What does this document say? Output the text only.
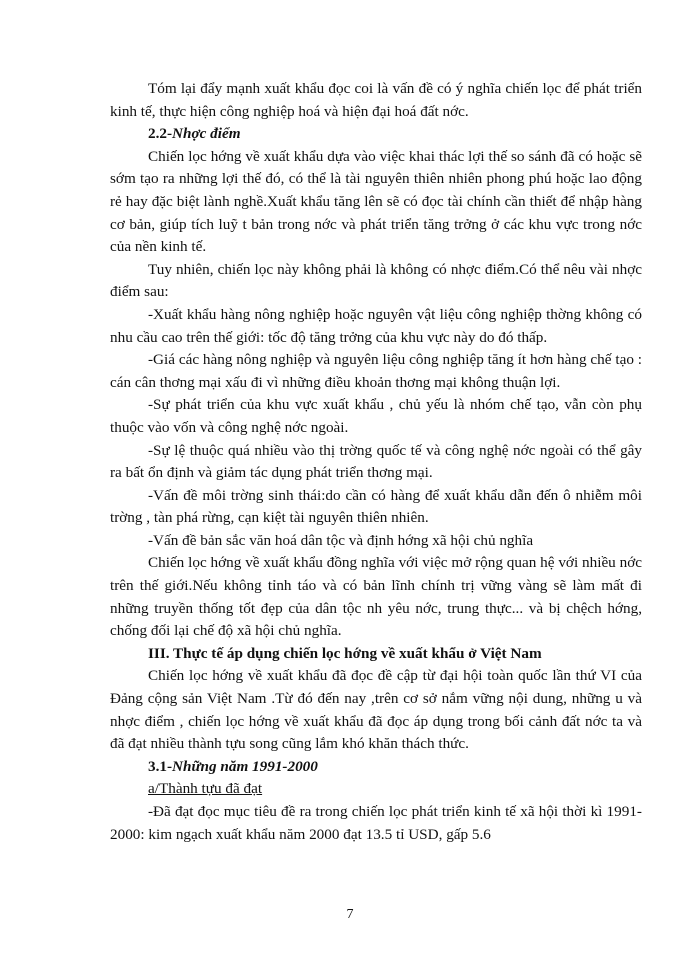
Tóm lại đẩy mạnh xuất khẩu đọc coi là vấn đề có ý nghĩa chiến lọc để phát triển kinh tế, thực hiện công nghiệp hoá và hiện đại hoá đất nớc.

2.2-Nhợc điểm

Chiến lọc hớng về xuất khẩu dựa vào việc khai thác lợi thế so sánh đã có hoặc sẽ sớm tạo ra những lợi thế đó, có thể là tài nguyên thiên nhiên phong phú hoặc lao động rẻ hay đặc biệt lành nghề.Xuất khẩu tăng lên sẽ có đọc tài chính cần thiết để nhập hàng cơ bản, giúp tích luỹ t bản trong nớc và phát triển tăng trởng ở các khu vực trong nớc của nền kinh tế.

Tuy nhiên, chiến lọc này không phải là không có nhợc điểm.Có thể nêu vài nhợc điểm sau:

-Xuất khẩu hàng nông nghiệp hoặc nguyên vật liệu công nghiệp thờng không có nhu cầu cao trên thế giới: tốc độ tăng trởng của khu vực này do đó thấp.

-Giá các hàng nông nghiệp và nguyên liệu công nghiệp tăng ít hơn hàng chế tạo : cán cân thơng mại xấu đi vì những điều khoản thơng mại không thuận lợi.

-Sự phát triển của khu vực xuất khẩu , chủ yếu là nhóm chế tạo, vẫn còn phụ thuộc vào vốn và công nghệ nớc ngoài.

-Sự lệ thuộc quá nhiều vào thị trờng quốc tế và công nghệ nớc ngoài có thể gây ra bất ổn định và giảm tác dụng phát triển thơng mại.

-Vấn đề môi trờng sinh thái:do cần có hàng để xuất khẩu dẫn đến ô nhiễm môi trờng , tàn phá rừng, cạn kiệt tài nguyên thiên nhiên.

-Vấn đề bản sắc văn hoá dân tộc và định hớng xã hội chủ nghĩa

Chiến lọc hớng về xuất khẩu đồng nghĩa với việc mở rộng quan hệ với nhiều nớc trên thế giới.Nếu không tỉnh táo và có bản lĩnh chính trị vững vàng sẽ làm mất đi những truyền thống tốt đẹp của dân tộc nh yêu nớc, trung thực... và bị chệch hớng, chống đối lại chế độ xã hội chủ nghĩa.

III. Thực tế áp dụng chiến lọc hớng về xuất khẩu ở Việt Nam

Chiến lọc hớng về xuất khẩu đã đọc đề cập từ đại hội toàn quốc lần thứ VI của Đảng cộng sản Việt Nam .Từ đó đến nay ,trên cơ sở nắm vững nội dung, những u và nhợc điểm , chiến lọc hớng về xuất khẩu đã đọc áp dụng trong bối cảnh đất nớc ta và đã đạt nhiều thành tựu song cũng lắm khó khăn thách thức.

3.1-Những năm 1991-2000

a/Thành tựu đã đạt

-Đã đạt đọc mục tiêu đề ra trong chiến lọc phát triển kinh tế xã hội thời kì 1991-2000: kim ngạch xuất khẩu năm 2000 đạt 13.5 tỉ USD, gấp 5.6

7
